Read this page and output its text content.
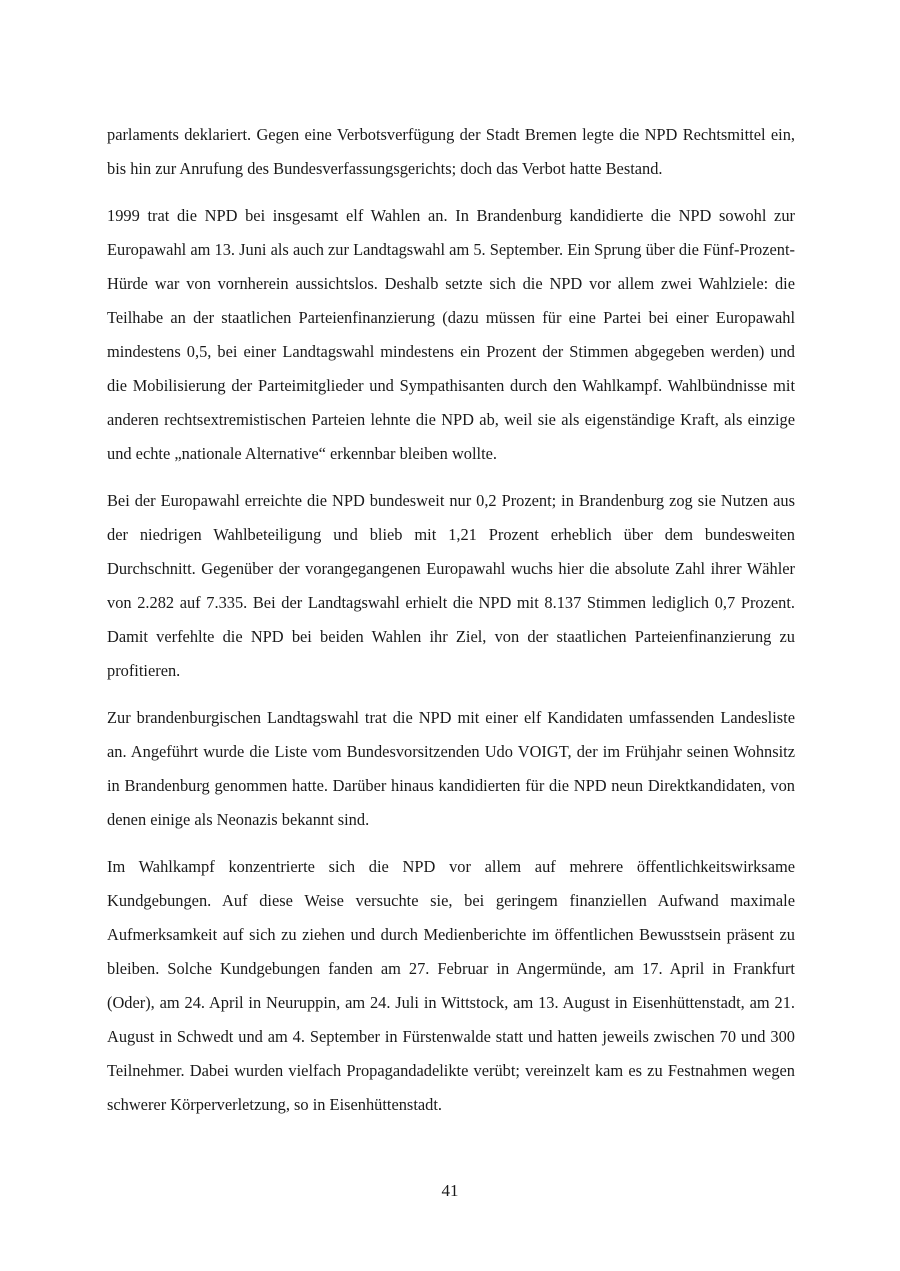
parlaments deklariert. Gegen eine Verbotsverfügung der Stadt Bremen legte die NPD Rechtsmittel ein, bis hin zur Anrufung des Bundesverfassungsgerichts; doch das Verbot hatte Bestand.

1999 trat die NPD bei insgesamt elf Wahlen an. In Brandenburg kandidierte die NPD sowohl zur Europawahl am 13. Juni als auch zur Landtagswahl am 5. September. Ein Sprung über die Fünf-Prozent-Hürde war von vornherein aussichtslos. Deshalb setzte sich die NPD vor allem zwei Wahlziele: die Teilhabe an der staatlichen Parteienfinanzierung (dazu müssen für eine Partei bei einer Europawahl mindestens 0,5, bei einer Landtagswahl mindestens ein Prozent der Stimmen abgegeben werden) und die Mobilisierung der Parteimitglieder und Sympathisanten durch den Wahlkampf. Wahlbündnisse mit anderen rechtsextremistischen Parteien lehnte die NPD ab, weil sie als eigenständige Kraft, als einzige und echte „nationale Alternative“ erkennbar bleiben wollte.

Bei der Europawahl erreichte die NPD bundesweit nur 0,2 Prozent; in Brandenburg zog sie Nutzen aus der niedrigen Wahlbeteiligung und blieb mit 1,21 Prozent erheblich über dem bundesweiten Durchschnitt. Gegenüber der vorangegangenen Europawahl wuchs hier die absolute Zahl ihrer Wähler von 2.282 auf 7.335. Bei der Landtagswahl erhielt die NPD mit 8.137 Stimmen lediglich 0,7 Prozent. Damit verfehlte die NPD bei beiden Wahlen ihr Ziel, von der staatlichen Parteienfinanzierung zu profitieren.

Zur brandenburgischen Landtagswahl trat die NPD mit einer elf Kandidaten umfassenden Landesliste an. Angeführt wurde die Liste vom Bundesvorsitzenden Udo VOIGT, der im Frühjahr seinen Wohnsitz in Brandenburg genommen hatte. Darüber hinaus kandidierten für die NPD neun Direktkandidaten, von denen einige als Neonazis bekannt sind.

Im Wahlkampf konzentrierte sich die NPD vor allem auf mehrere öffentlichkeitswirksame Kundgebungen. Auf diese Weise versuchte sie, bei geringem finanziellen Aufwand maximale Aufmerksamkeit auf sich zu ziehen und durch Medienberichte im öffentlichen Bewusstsein präsent zu bleiben. Solche Kundgebungen fanden am 27. Februar in Angermünde, am 17. April in Frankfurt (Oder), am 24. April in Neuruppin, am 24. Juli in Wittstock, am 13. August in Eisenhüttenstadt, am 21. August in Schwedt und am 4. September in Fürstenwalde statt und hatten jeweils zwischen 70 und 300 Teilnehmer. Dabei wurden vielfach Propagandadelikte verübt; vereinzelt kam es zu Festnahmen wegen schwerer Körperverletzung, so in Eisenhüttenstadt.

41
